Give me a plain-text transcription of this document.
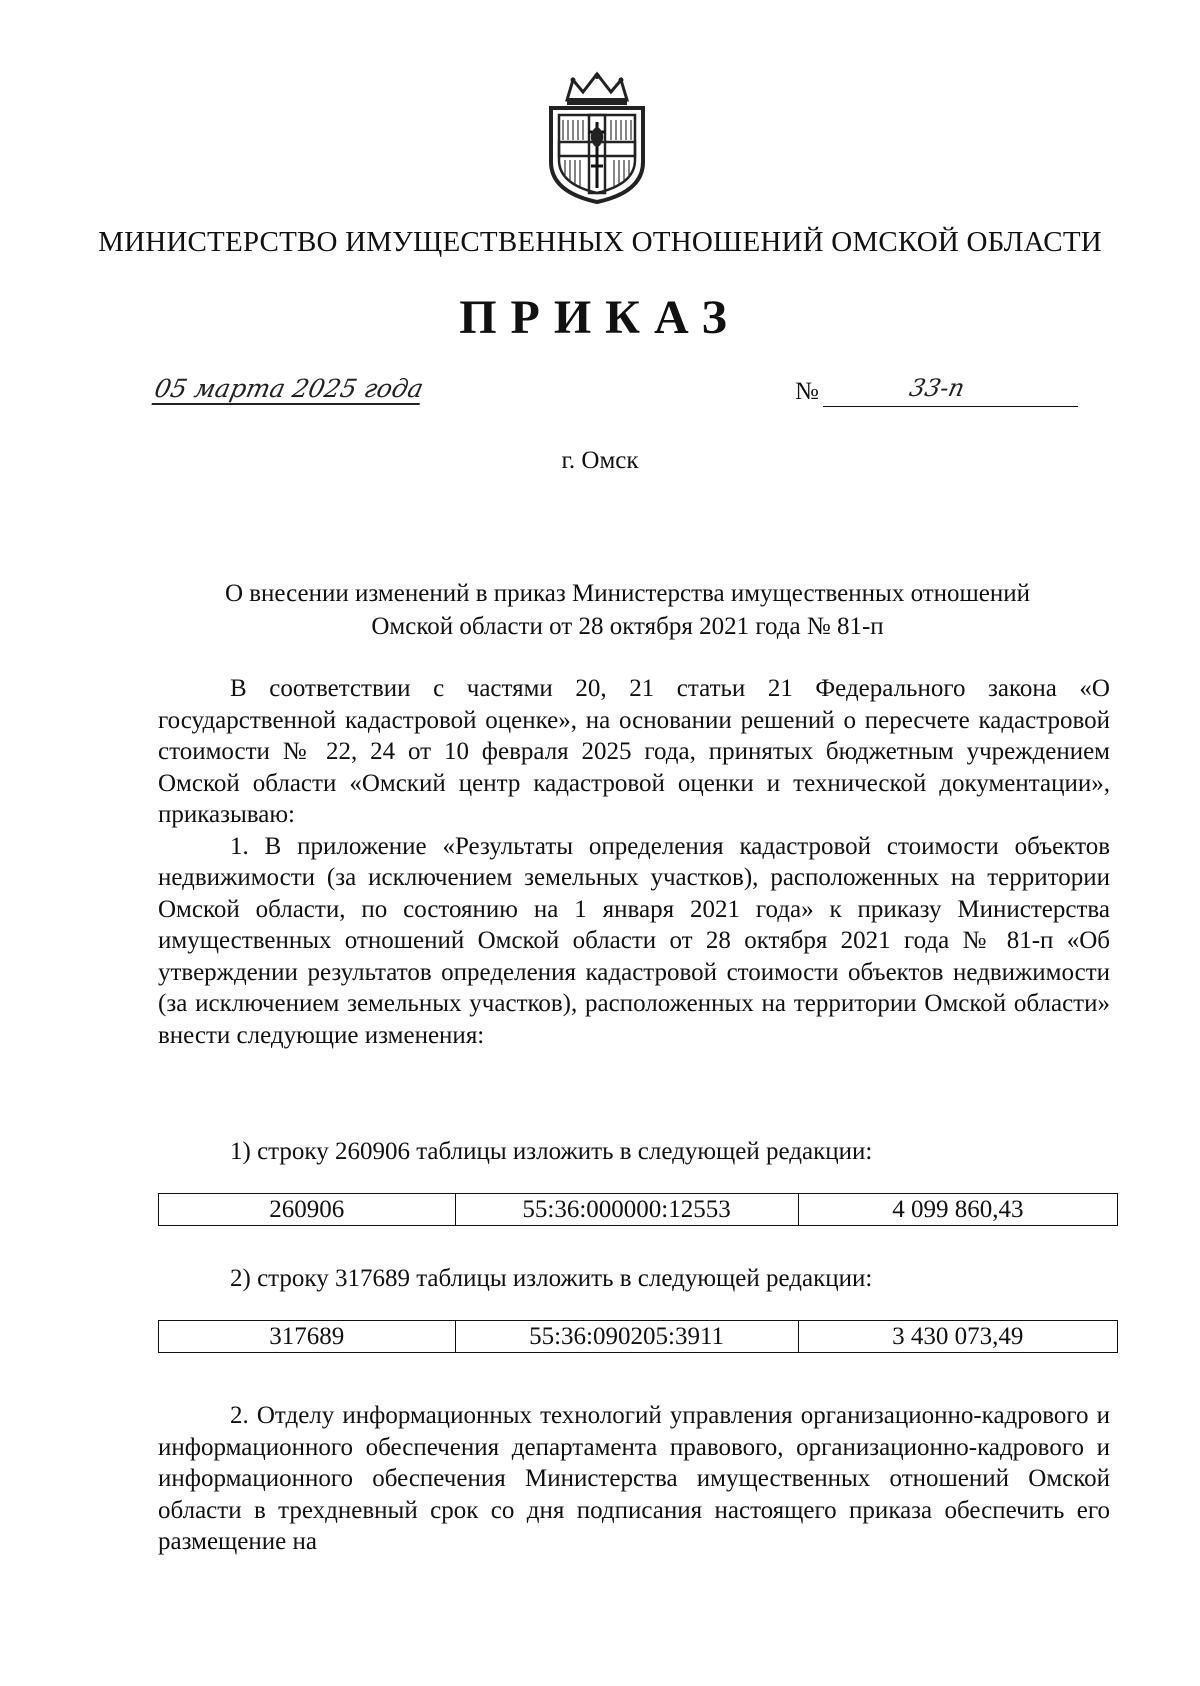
МИНИСТЕРСТВО ИМУЩЕСТВЕННЫХ ОТНОШЕНИЙ ОМСКОЙ ОБЛАСТИ
ПРИКАЗ
05 марта 2025 года	№	33-п
г. Омск
О внесении изменений в приказ Министерства имущественных отношений
Омской области от 28 октября 2021 года № 81-п

В соответствии с частями 20, 21 статьи 21 Федерального закона «О государственной кадастровой оценке», на основании решений о пересчете кадастровой стоимости № 22, 24 от 10 февраля 2025 года, принятых бюджетным учреждением Омской области «Омский центр кадастровой оценки и технической документации», приказываю:

1. В приложение «Результаты определения кадастровой стоимости объектов недвижимости (за исключением земельных участков), расположенных на территории Омской области, по состоянию на 1 января 2021 года» к приказу Министерства имущественных отношений Омской области от 28 октября 2021 года № 81-п «Об утверждении результатов определения кадастровой стоимости объектов недвижимости (за исключением земельных участков), расположенных на территории Омской области» внести следующие изменения:

1) строку 260906 таблицы изложить в следующей редакции:
260906	55:36:000000:12553	4 099 860,43
2) строку 317689 таблицы изложить в следующей редакции:
317689	55:36:090205:3911	3 430 073,49

2. Отделу информационных технологий управления организационно-кадрового и информационного обеспечения департамента правового, организационно-кадрового и информационного обеспечения Министерства имущественных отношений Омской области в трехдневный срок со дня подписания настоящего приказа обеспечить его размещение на
